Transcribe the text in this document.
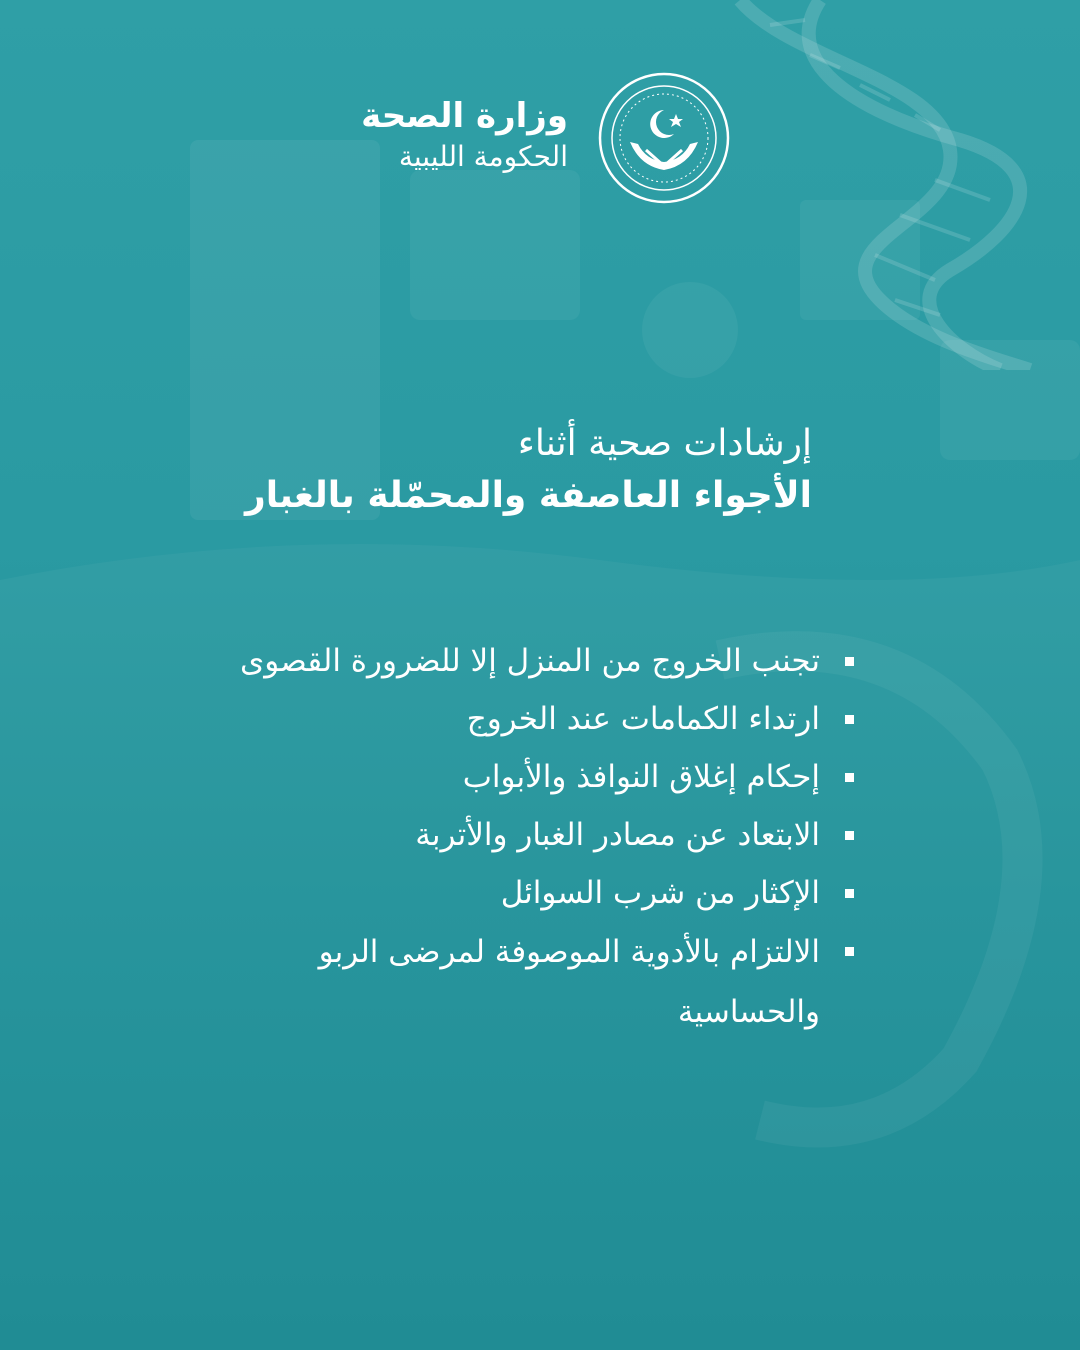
وزارة الصحة
الحكومة الليبية
إرشادات صحية أثناء
الأجواء العاصفة والمحمّلة بالغبار
تجنب الخروج من المنزل إلا للضرورة القصوى
ارتداء الكمامات عند الخروج
إحكام إغلاق النوافذ والأبواب
الابتعاد عن مصادر الغبار والأتربة
الإكثار من شرب السوائل
الالتزام بالأدوية الموصوفة لمرضى الربو والحساسية
